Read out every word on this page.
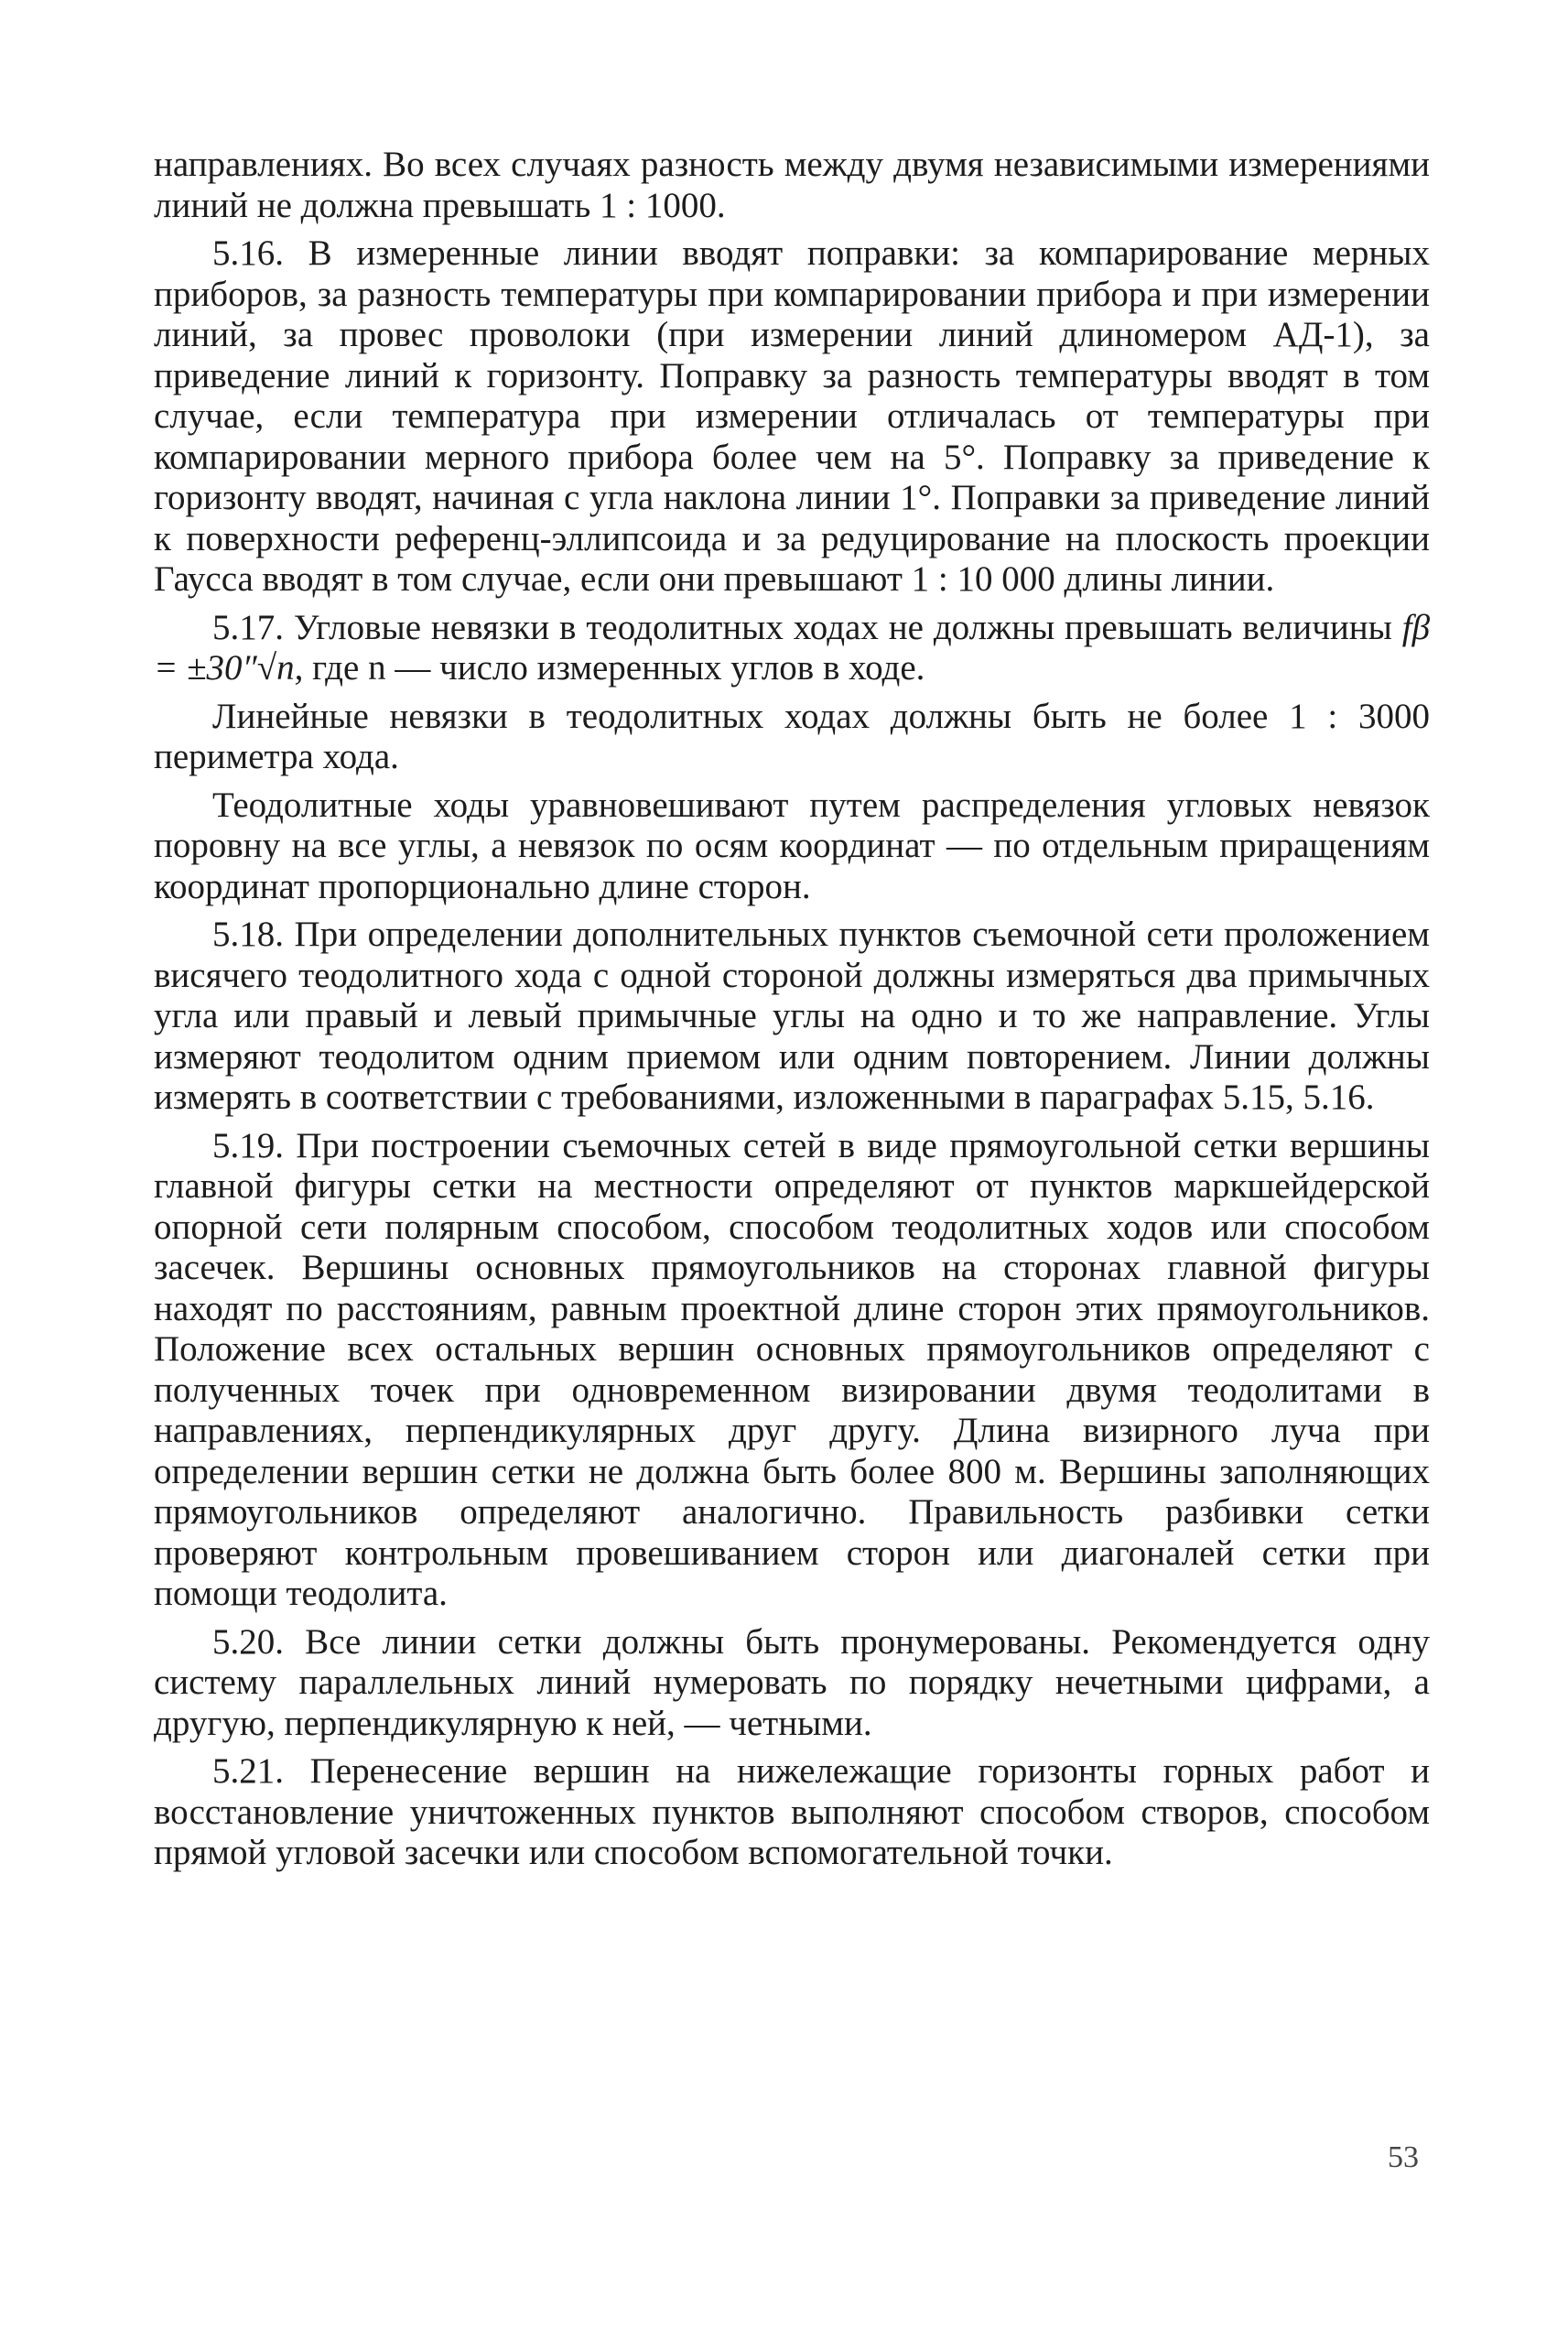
направлениях. Во всех случаях разность между двумя независимыми измерениями линий не должна превышать 1 : 1000.

5.16. В измеренные линии вводят поправки: за компарирование мерных приборов, за разность температуры при компарировании прибора и при измерении линий, за провес проволоки (при измерении линий длиномером АД-1), за приведение линий к горизонту. Поправку за разность температуры вводят в том случае, если температура при измерении отличалась от температуры при компарировании мерного прибора более чем на 5°. Поправку за приведение к горизонту вводят, начиная с угла наклона линии 1°. Поправки за приведение линий к поверхности референц-эллипсоида и за редуцирование на плоскость проекции Гаусса вводят в том случае, если они превышают 1 : 10 000 длины линии.

5.17. Угловые невязки в теодолитных ходах не должны превышать величины fβ = ±30″√n, где n — число измеренных углов в ходе.

Линейные невязки в теодолитных ходах должны быть не более 1 : 3000 периметра хода.

Теодолитные ходы уравновешивают путем распределения угловых невязок поровну на все углы, а невязок по осям координат — по отдельным приращениям координат пропорционально длине сторон.

5.18. При определении дополнительных пунктов съемочной сети проложением висячего теодолитного хода с одной стороной должны измеряться два примычных угла или правый и левый примычные углы на одно и то же направление. Углы измеряют теодолитом одним приемом или одним повторением. Линии должны измерять в соответствии с требованиями, изложенными в параграфах 5.15, 5.16.

5.19. При построении съемочных сетей в виде прямоугольной сетки вершины главной фигуры сетки на местности определяют от пунктов маркшейдерской опорной сети полярным способом, способом теодолитных ходов или способом засечек. Вершины основных прямоугольников на сторонах главной фигуры находят по расстояниям, равным проектной длине сторон этих прямоугольников. Положение всех остальных вершин основных прямоугольников определяют с полученных точек при одновременном визировании двумя теодолитами в направлениях, перпендикулярных друг другу. Длина визирного луча при определении вершин сетки не должна быть более 800 м. Вершины заполняющих прямоугольников определяют аналогично. Правильность разбивки сетки проверяют контрольным провешиванием сторон или диагоналей сетки при помощи теодолита.

5.20. Все линии сетки должны быть пронумерованы. Рекомендуется одну систему параллельных линий нумеровать по порядку нечетными цифрами, а другую, перпендикулярную к ней, — четными.

5.21. Перенесение вершин на нижележащие горизонты горных работ и восстановление уничтоженных пунктов выполняют способом створов, способом прямой угловой засечки или способом вспомогательной точки.

53
